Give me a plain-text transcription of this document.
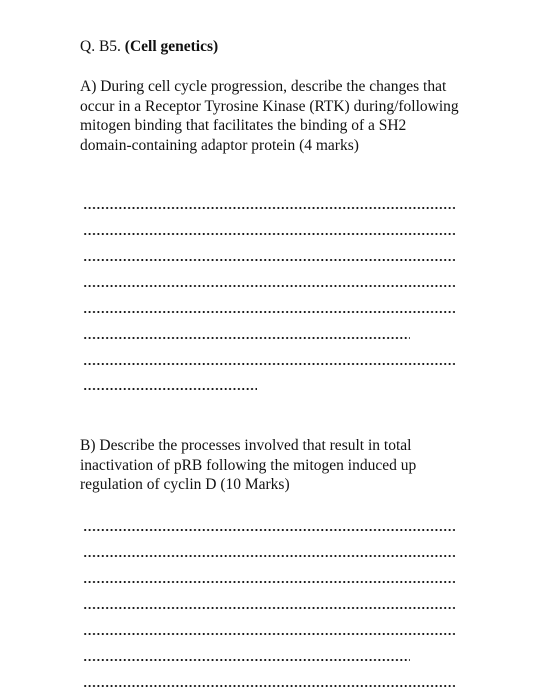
Q. B5. (Cell genetics)
A) During cell cycle progression, describe the changes that occur in a Receptor Tyrosine Kinase (RTK) during/following mitogen binding that facilitates the binding of a SH2 domain-containing adaptor protein (4 marks)
B) Describe the processes involved that result in total inactivation of pRB following the mitogen induced up regulation of cyclin D (10 Marks)
